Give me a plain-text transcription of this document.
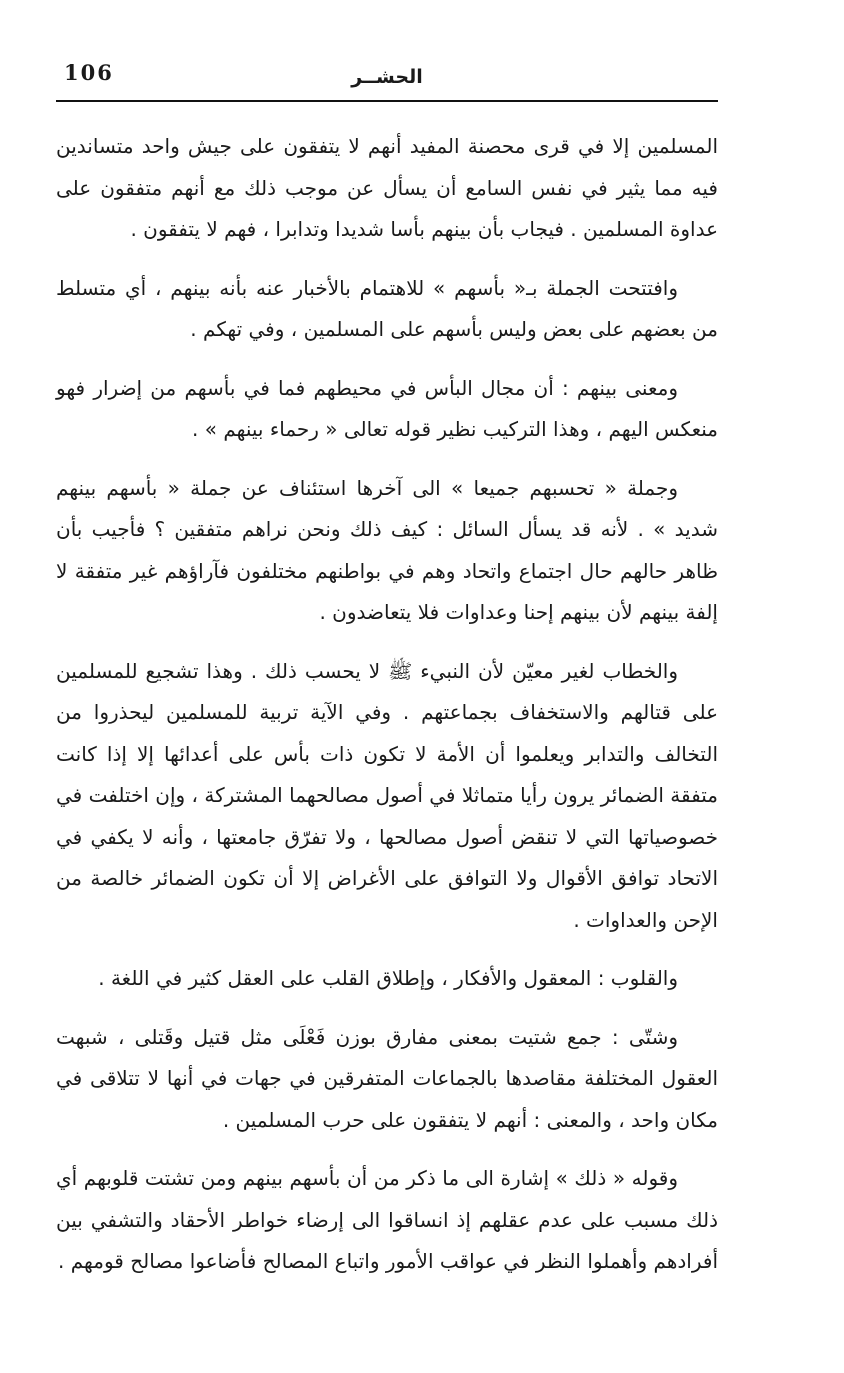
106	الحشــر

المسلمين إلا في قرى محصنة المفيد أنهم لا يتفقون على جيش واحد متساندين فيه مما يثير في نفس السامع أن يسأل عن موجب ذلك مع أنهم متفقون على عداوة المسلمين . فيجاب بأن بينهم بأسا شديدا وتدابرا ، فهم لا يتفقون .

وافتتحت الجملة بـ« بأسهم » للاهتمام بالأخبار عنه بأنه بينهم ، أي متسلط من بعضهم على بعض وليس بأسهم على المسلمين ، وفي تهكم .

ومعنى بينهم : أن مجال البأس في محيطهم فما في بأسهم من إضرار فهو منعكس اليهم ، وهذا التركيب نظير قوله تعالى « رحماء بينهم » .

وجملة « تحسبهم جميعا » الى آخرها استئناف عن جملة « بأسهم بينهم شديد » . لأنه قد يسأل السائل : كيف ذلك ونحن نراهم متفقين ؟ فأجيب بأن ظاهر حالهم حال اجتماع واتحاد وهم في بواطنهم مختلفون فآراؤهم غير متفقة لا إلفة بينهم لأن بينهم إحنا وعداوات فلا يتعاضدون .

والخطاب لغير معيّن لأن النبيء ﷺ لا يحسب ذلك . وهذا تشجيع للمسلمين على قتالهم والاستخفاف بجماعتهم . وفي الآية تربية للمسلمين ليحذروا من التخالف والتدابر ويعلموا أن الأمة لا تكون ذات بأس على أعدائها إلا إذا كانت متفقة الضمائر يرون رأيا متماثلا في أصول مصالحهما المشتركة ، وإن اختلفت في خصوصياتها التي لا تنقض أصول مصالحها ، ولا تفرّق جامعتها ، وأنه لا يكفي في الاتحاد توافق الأقوال ولا التوافق على الأغراض إلا أن تكون الضمائر خالصة من الإحن والعداوات .

والقلوب : المعقول والأفكار ، وإطلاق القلب على العقل كثير في اللغة .

وشتّى : جمع شتيت بمعنى مفارق بوزن فَعْلَى مثل قتيل وقَتلى ، شبهت العقول المختلفة مقاصدها بالجماعات المتفرقين في جهات في أنها لا تتلاقى في مكان واحد ، والمعنى : أنهم لا يتفقون على حرب المسلمين .

وقوله « ذلك » إشارة الى ما ذكر من أن بأسهم بينهم ومن تشتت قلوبهم أي ذلك مسبب على عدم عقلهم إذ انساقوا الى إرضاء خواطر الأحقاد والتشفي بين أفرادهم وأهملوا النظر في عواقب الأمور واتباع المصالح فأضاعوا مصالح قومهم .
